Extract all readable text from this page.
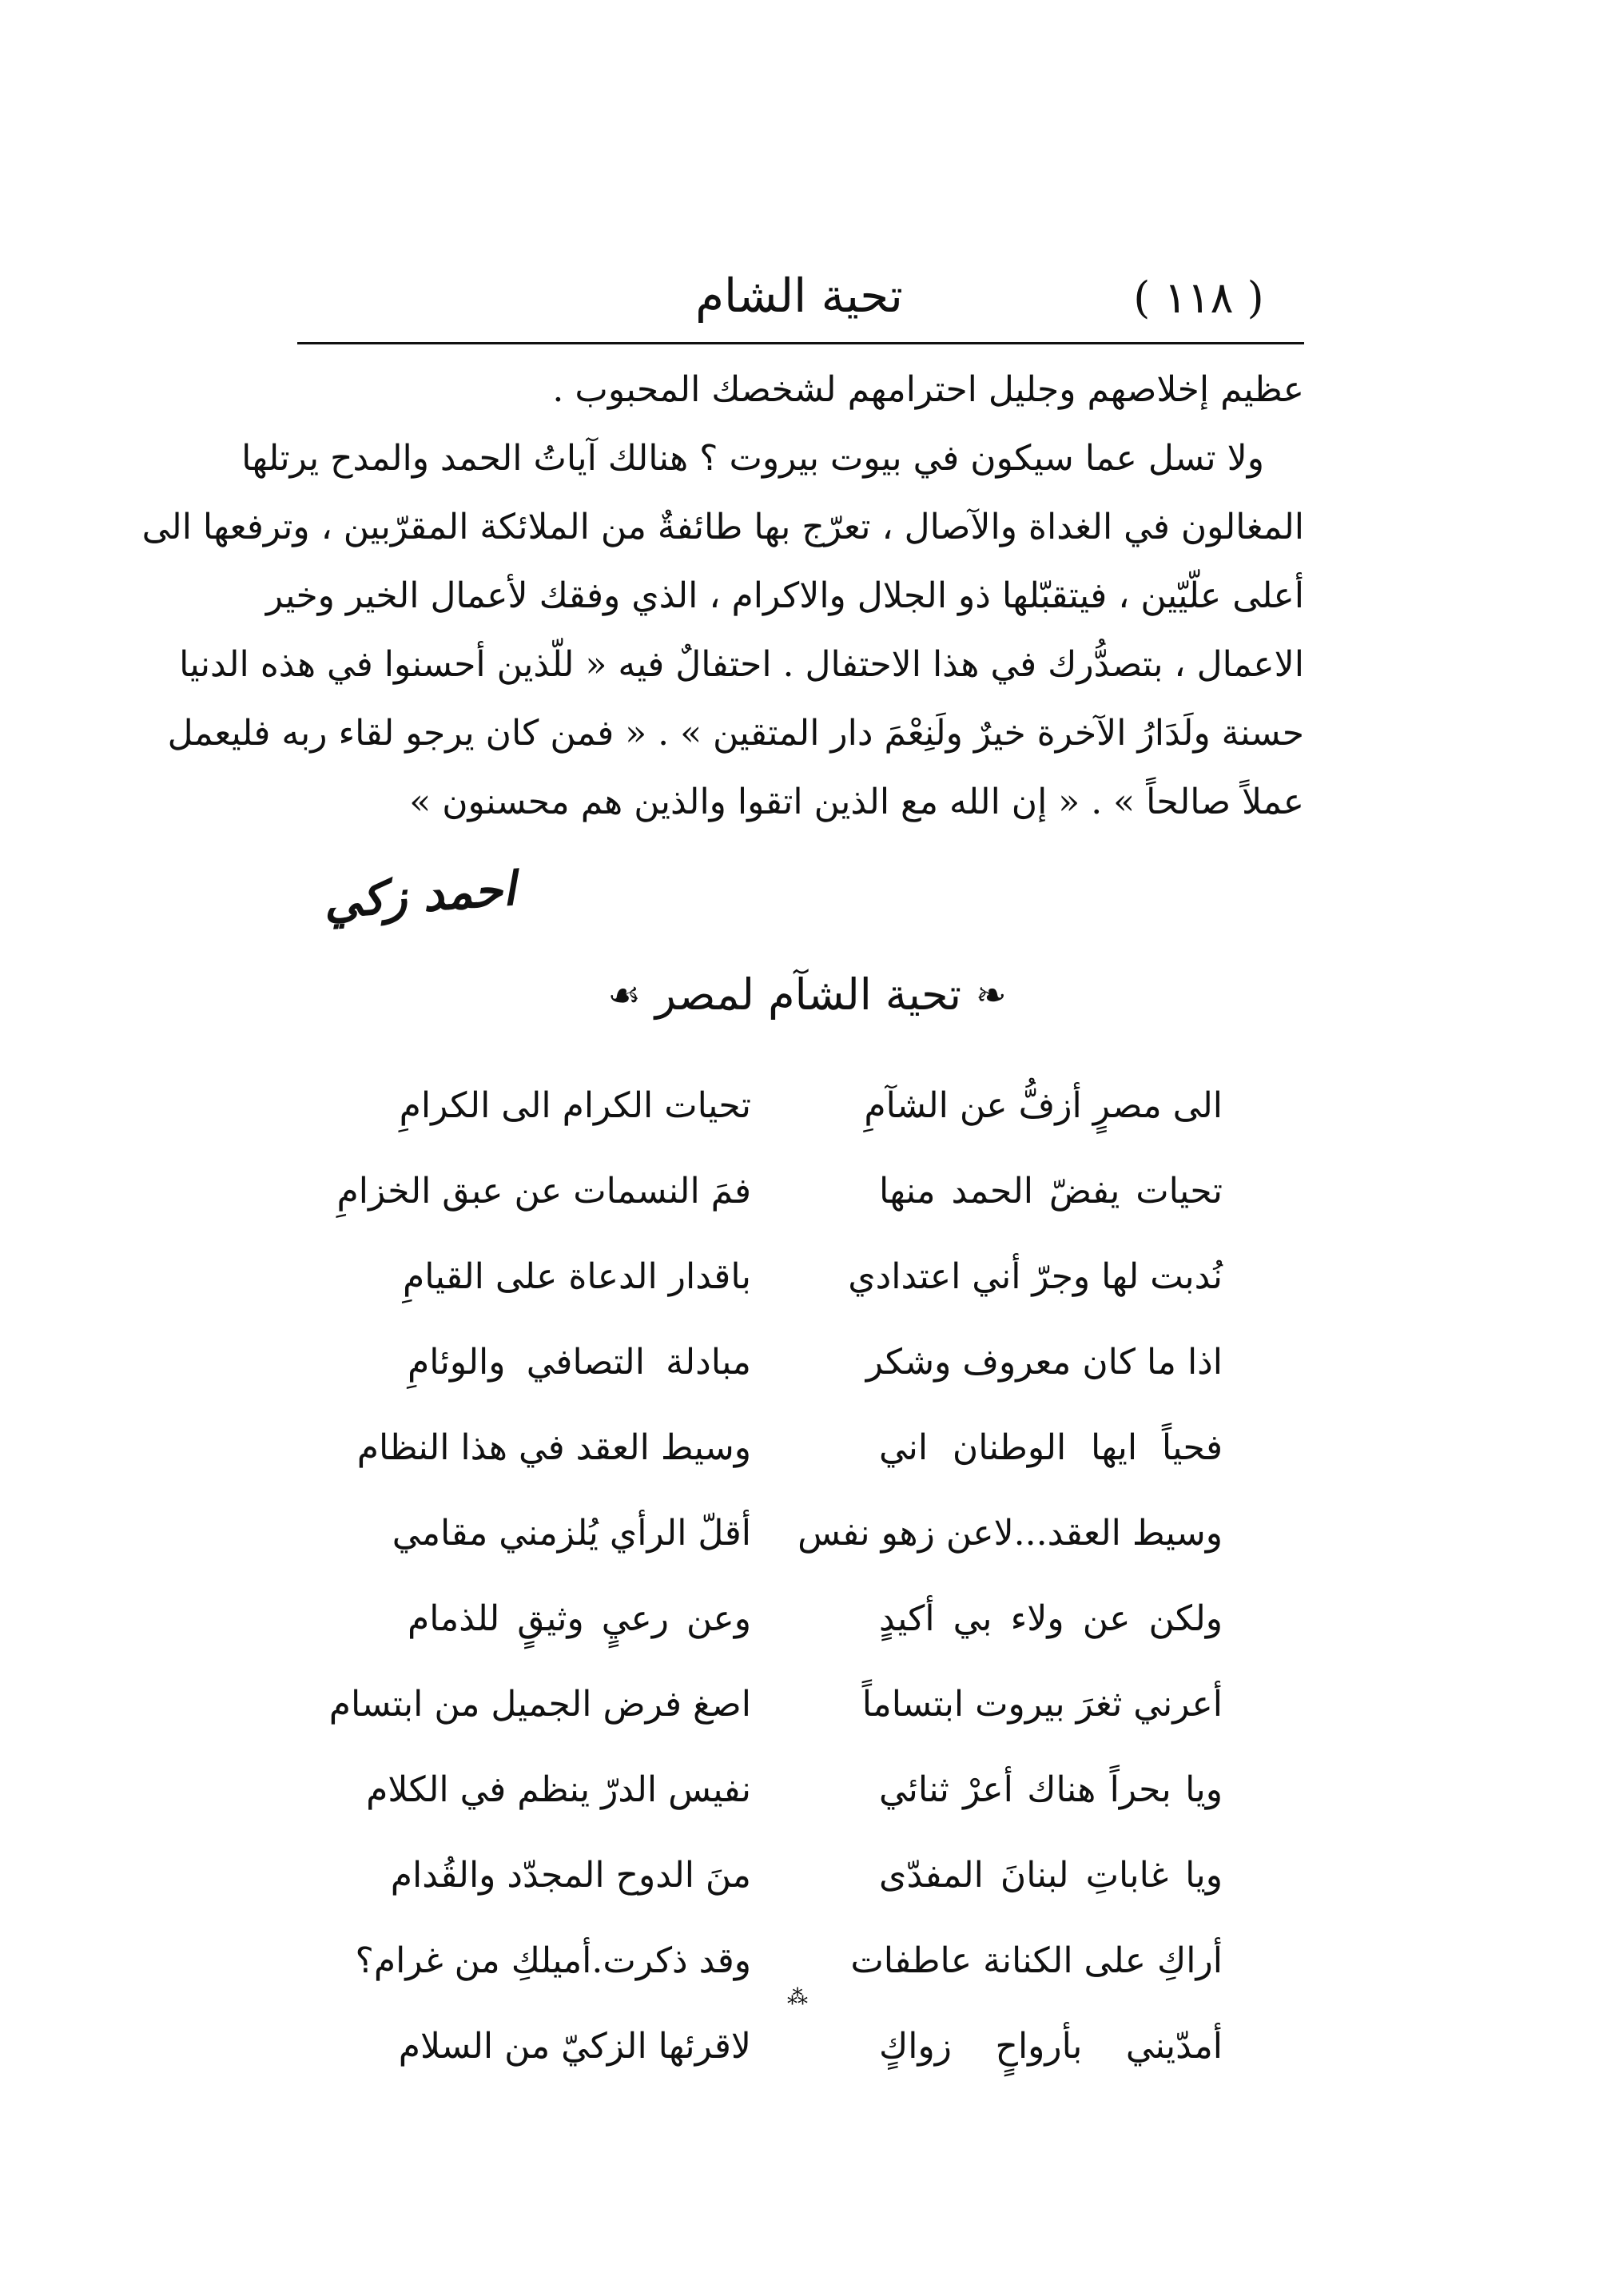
تحية الشام	( ١١٨ )
عظيم إخلاصهم وجليل احترامهم لشخصك المحبوب .
ولا تسل عما سيكون في بيوت بيروت ؟ هنالك آياتُ الحمد والمدح يرتلها
المغالون في الغداة والآصال ، تعرّج بها طائفةٌ من الملائكة المقرّبين ، وترفعها الى
أعلى علّيّين ، فيتقبّلها ذو الجلال والاكرام ، الذي وفقك لأعمال الخير وخير
الاعمال ، بتصدُّرك في هذا الاحتفال . احتفالٌ فيه « للّذين أحسنوا في هذه الدنيا
حسنة ولَدَارُ الآخرة خيرٌ ولَنِعْمَ دار المتقين » . « فمن كان يرجو لقاء ربه فليعمل
عملاً صالحاً » . « إن الله مع الذين اتقوا والذين هم محسنون »
احمد زكي
☙ تحية الشآم لمصر ❧
الى مصرٍ أزفُّ عن الشآمِ
تحيات الكرام الى الكرامِ
تحيات يفضّ الحمد منها
فمَ النسمات عن عبق الخزامِ
نُدبت لها وجرّ أني اعتدادي
باقدار الدعاة على القيامِ
اذا ما كان معروف وشكر
مبادلة التصافي والوئامِ
فحياً ايها الوطنان اني
وسيط العقد في هذا النظام
وسيط العقد...لاعن زهو نفس
أقلّ الرأي يُلزمني مقامي
ولكن عن ولاء بي أكيدٍ
وعن رعيٍ وثيقٍ للذمام
أعرني ثغرَ بيروت ابتساماً
اصغ فرض الجميل من ابتسام
ويا بحراً هناك أعرْ ثنائي
نفيس الدرّ ينظم في الكلام
ويا غاباتِ لبنانَ المفدّى
منَ الدوح المجدّد والقُدام
أراكِ على الكنانة عاطفات
وقد ذكرت.أميلكِ من غرام؟
أمدّيني بأرواحٍ زواكٍ
لاقرئها الزكيّ من السلام
⁂
